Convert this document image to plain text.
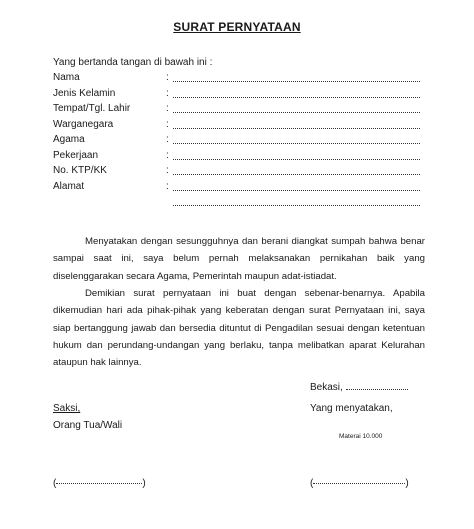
SURAT PERNYATAAN
Yang bertanda tangan di bawah ini :
Nama	:
Jenis Kelamin	:
Tempat/Tgl. Lahir	:
Warganegara	:
Agama	:
Pekerjaan	:
No. KTP/KK	:
Alamat	:
Menyatakan dengan sesungguhnya dan berani diangkat sumpah bahwa benar sampai saat ini, saya belum pernah melaksanakan pernikahan baik yang diselenggarakan secara Agama, Pemerintah maupun adat-istiadat.
Demikian surat pernyataan ini buat dengan sebenar-benarnya. Apabila dikemudian hari ada pihak-pihak yang keberatan dengan surat Pernyataan ini, saya siap bertanggung jawab dan bersedia dituntut di Pengadilan sesuai dengan ketentuan hukum dan perundang-undangan yang berlaku, tanpa melibatkan aparat Kelurahan ataupun hak lainnya.
Bekasi,
Saksi,	Yang menyatakan,
Orang Tua/Wali
Materai 10.000
(	)	(	)
